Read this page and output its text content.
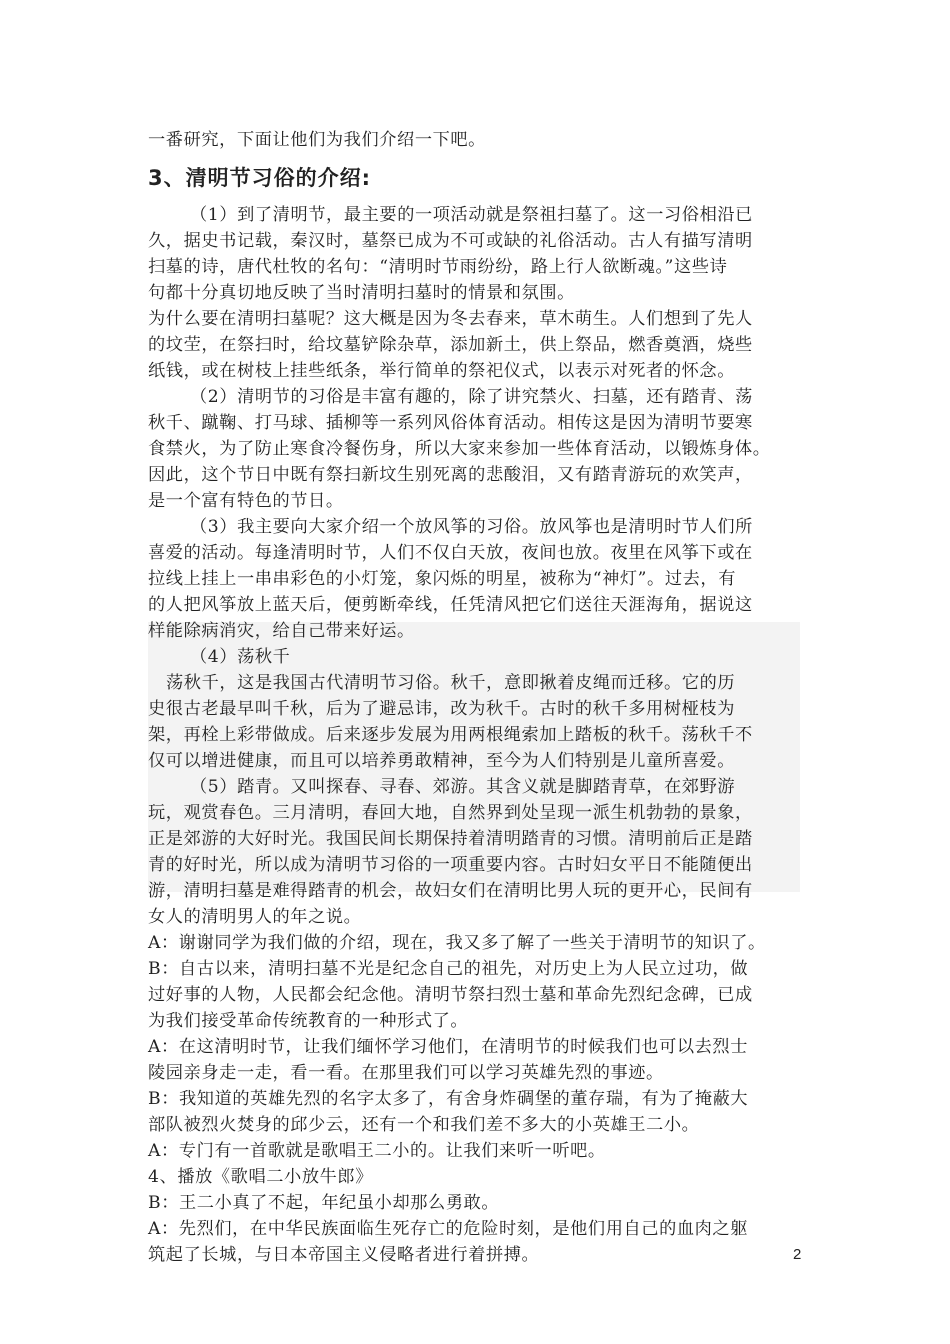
一番研究，下面让他们为我们介绍一下吧。
3、清明节习俗的介绍:
（1）到了清明节，最主要的一项活动就是祭祖扫墓了。这一习俗相沿已
久，据史书记载，秦汉时，墓祭已成为不可或缺的礼俗活动。古人有描写清明
扫墓的诗，唐代杜牧的名句：“清明时节雨纷纷，路上行人欲断魂。”这些诗
句都十分真切地反映了当时清明扫墓时的情景和氛围。
为什么要在清明扫墓呢？这大概是因为冬去春来，草木萌生。人们想到了先人
的坟茔，在祭扫时，给坟墓铲除杂草，添加新土，供上祭品，燃香奠酒，烧些
纸钱，或在树枝上挂些纸条，举行简单的祭祀仪式，以表示对死者的怀念。
（2）清明节的习俗是丰富有趣的，除了讲究禁火、扫墓，还有踏青、荡
秋千、蹴鞠、打马球、插柳等一系列风俗体育活动。相传这是因为清明节要寒
食禁火，为了防止寒食冷餐伤身，所以大家来参加一些体育活动，以锻炼身体。
因此，这个节日中既有祭扫新坟生别死离的悲酸泪，又有踏青游玩的欢笑声，
是一个富有特色的节日。
（3）我主要向大家介绍一个放风筝的习俗。放风筝也是清明时节人们所
喜爱的活动。每逢清明时节，人们不仅白天放，夜间也放。夜里在风筝下或在
拉线上挂上一串串彩色的小灯笼，象闪烁的明星，被称为“神灯”。过去，有
的人把风筝放上蓝天后，便剪断牵线，任凭清风把它们送往天涯海角，据说这
样能除病消灾，给自己带来好运。
（4）荡秋千
荡秋千，这是我国古代清明节习俗。秋千，意即揪着皮绳而迁移。它的历
史很古老最早叫千秋，后为了避忌讳，改为秋千。古时的秋千多用树桠枝为
架，再栓上彩带做成。后来逐步发展为用两根绳索加上踏板的秋千。荡秋千不
仅可以增进健康，而且可以培养勇敢精神，至今为人们特别是儿童所喜爱。
（5）踏青。又叫探春、寻春、郊游。其含义就是脚踏青草，在郊野游
玩，观赏春色。三月清明，春回大地，自然界到处呈现一派生机勃勃的景象，
正是郊游的大好时光。我国民间长期保持着清明踏青的习惯。清明前后正是踏
青的好时光，所以成为清明节习俗的一项重要内容。古时妇女平日不能随便出
游，清明扫墓是难得踏青的机会，故妇女们在清明比男人玩的更开心，民间有
女人的清明男人的年之说。
A：谢谢同学为我们做的介绍，现在，我又多了解了一些关于清明节的知识了。
B：自古以来，清明扫墓不光是纪念自己的祖先，对历史上为人民立过功，做
过好事的人物，人民都会纪念他。清明节祭扫烈士墓和革命先烈纪念碑，已成
为我们接受革命传统教育的一种形式了。
A：在这清明时节，让我们缅怀学习他们，在清明节的时候我们也可以去烈士
陵园亲身走一走，看一看。在那里我们可以学习英雄先烈的事迹。
B：我知道的英雄先烈的名字太多了，有舍身炸碉堡的董存瑞，有为了掩蔽大
部队被烈火焚身的邱少云，还有一个和我们差不多大的小英雄王二小。
A：专门有一首歌就是歌唱王二小的。让我们来听一听吧。
4、播放《歌唱二小放牛郎》
B：王二小真了不起，年纪虽小却那么勇敢。
A：先烈们，在中华民族面临生死存亡的危险时刻，是他们用自己的血肉之躯
筑起了长城，与日本帝国主义侵略者进行着拼搏。	2
